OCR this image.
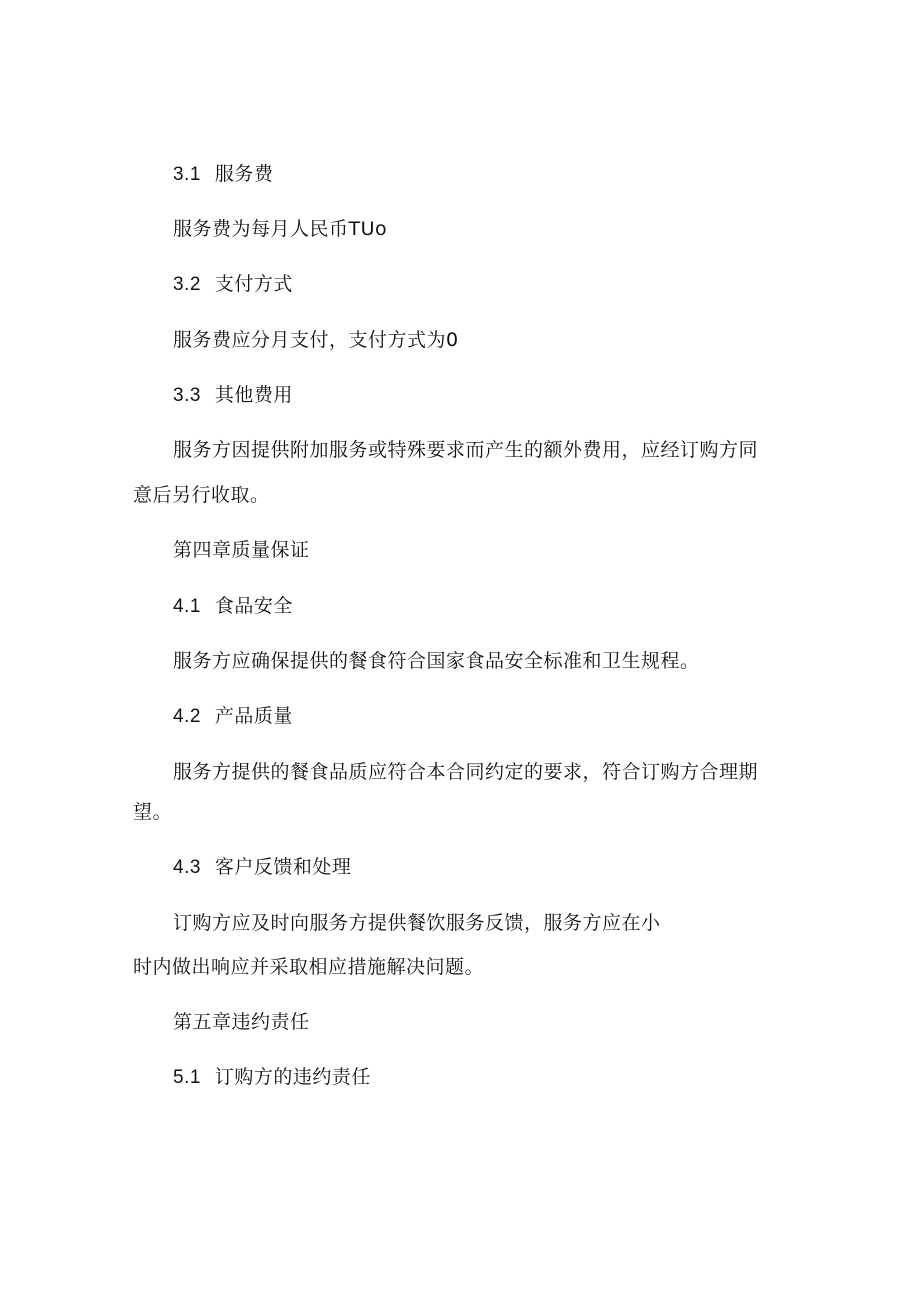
3.1 服务费
服务费为每月人民币TUo
3.2 支付方式
服务费应分月支付，支付方式为0
3.3 其他费用
服务方因提供附加服务或特殊要求而产生的额外费用，应经订购方同
意后另行收取。
第四章质量保证
4.1 食品安全
服务方应确保提供的餐食符合国家食品安全标准和卫生规程。
4.2 产品质量
服务方提供的餐食品质应符合本合同约定的要求，符合订购方合理期
望。
4.3 客户反馈和处理
订购方应及时向服务方提供餐饮服务反馈，服务方应在小
时内做出响应并采取相应措施解决问题。
第五章违约责任
5.1 订购方的违约责任
